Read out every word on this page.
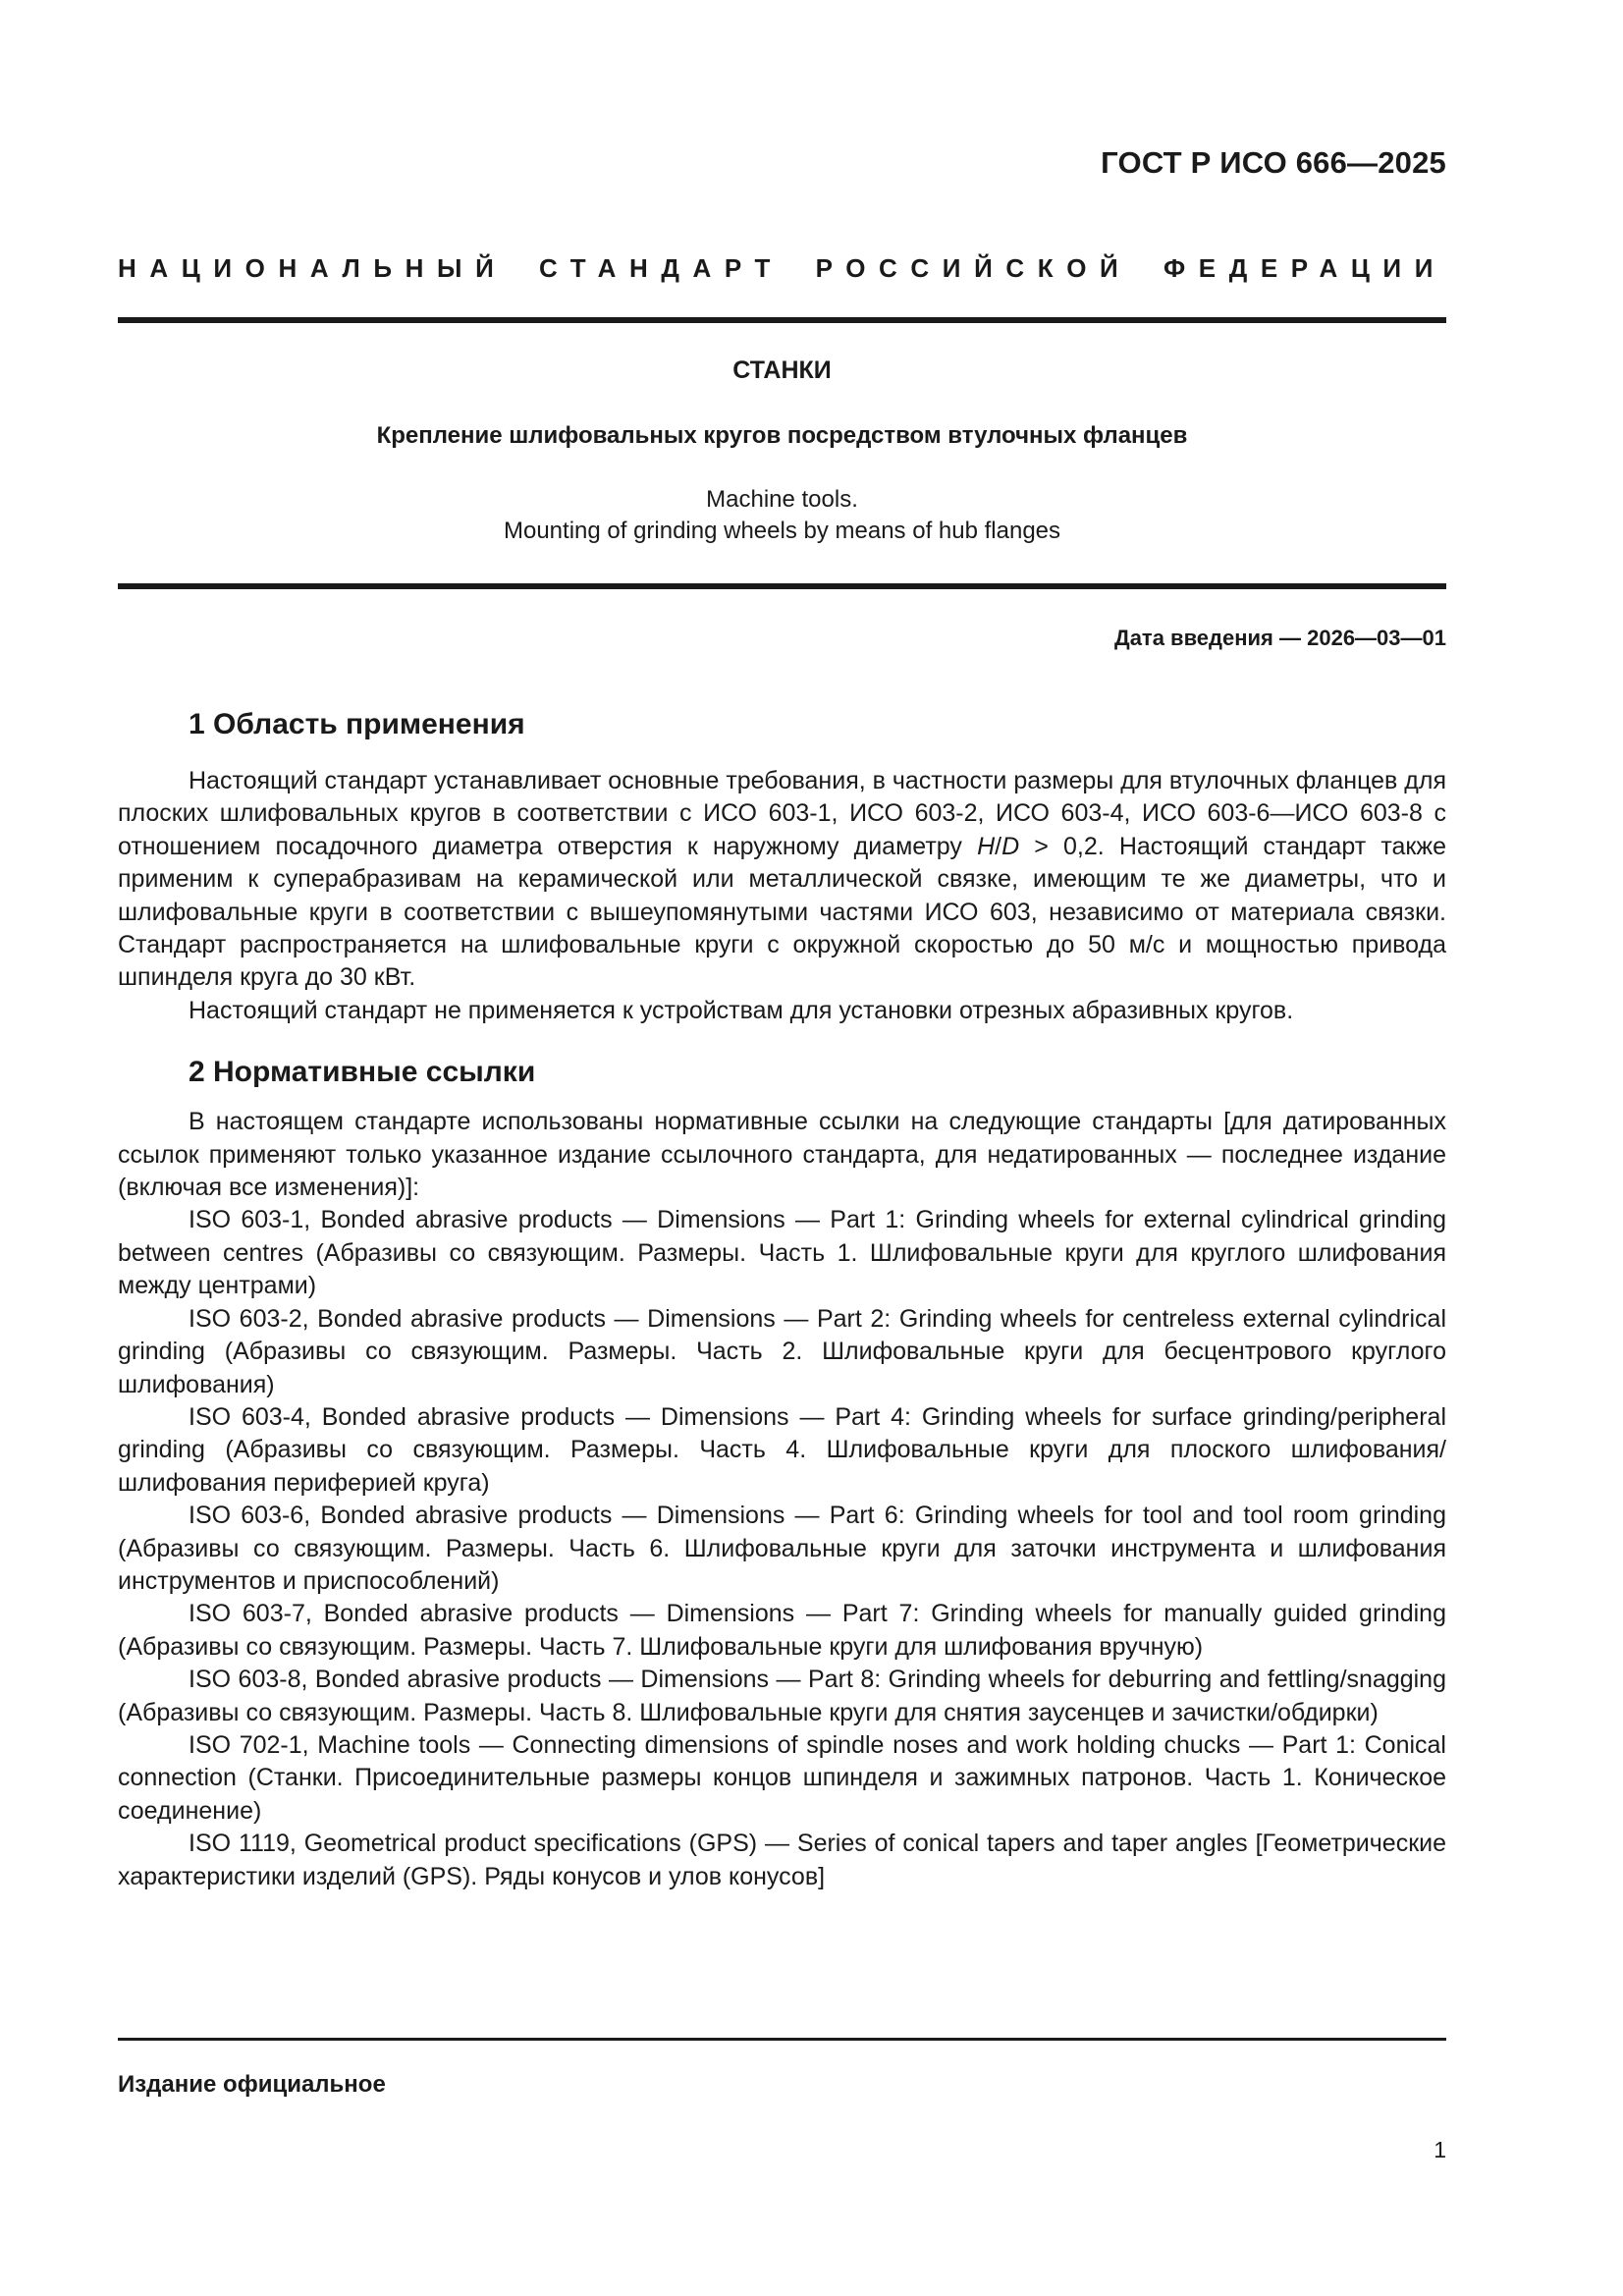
ГОСТ Р ИСО 666—2025
НАЦИОНАЛЬНЫЙ СТАНДАРТ РОССИЙСКОЙ ФЕДЕРАЦИИ
СТАНКИ
Крепление шлифовальных кругов посредством втулочных фланцев
Machine tools.
Mounting of grinding wheels by means of hub flanges
Дата введения — 2026—03—01
1 Область применения

Настоящий стандарт устанавливает основные требования, в частности размеры для втулочных фланцев для плоских шлифовальных кругов в соответствии с ИСО 603-1, ИСО 603-2, ИСО 603-4, ИСО 603-6—ИСО 603-8 с отношением посадочного диаметра отверстия к наружному диаметру H/D > 0,2. Настоящий стандарт также применим к суперабразивам на керамической или металлической связке, имеющим те же диаметры, что и шлифовальные круги в соответствии с вышеупомянутыми частями ИСО 603, независимо от материала связки. Стандарт распространяется на шлифовальные круги с окружной скоростью до 50 м/с и мощностью привода шпинделя круга до 30 кВт.

Настоящий стандарт не применяется к устройствам для установки отрезных абразивных кругов.

2 Нормативные ссылки

В настоящем стандарте использованы нормативные ссылки на следующие стандарты [для датированных ссылок применяют только указанное издание ссылочного стандарта, для недатированных — последнее издание (включая все изменения)]:

ISO 603-1, Bonded abrasive products — Dimensions — Part 1: Grinding wheels for external cylindrical grinding between centres (Абразивы со связующим. Размеры. Часть 1. Шлифовальные круги для круглого шлифования между центрами)

ISO 603-2, Bonded abrasive products — Dimensions — Part 2: Grinding wheels for centreless external cylindrical grinding (Абразивы со связующим. Размеры. Часть 2. Шлифовальные круги для бесцентрового круглого шлифования)

ISO 603-4, Bonded abrasive products — Dimensions — Part 4: Grinding wheels for surface grinding/peripheral grinding (Абразивы со связующим. Размеры. Часть 4. Шлифовальные круги для плоского шлифования/шлифования периферией круга)

ISO 603-6, Bonded abrasive products — Dimensions — Part 6: Grinding wheels for tool and tool room grinding (Абразивы со связующим. Размеры. Часть 6. Шлифовальные круги для заточки инструмента и шлифования инструментов и приспособлений)

ISO 603-7, Bonded abrasive products — Dimensions — Part 7: Grinding wheels for manually guided grinding (Абразивы со связующим. Размеры. Часть 7. Шлифовальные круги для шлифования вручную)

ISO 603-8, Bonded abrasive products — Dimensions — Part 8: Grinding wheels for deburring and fettling/snagging (Абразивы со связующим. Размеры. Часть 8. Шлифовальные круги для снятия заусенцев и зачистки/обдирки)

ISO 702-1, Machine tools — Connecting dimensions of spindle noses and work holding chucks — Part 1: Conical connection (Станки. Присоединительные размеры концов шпинделя и зажимных патронов. Часть 1. Коническое соединение)

ISO 1119, Geometrical product specifications (GPS) — Series of conical tapers and taper angles [Геометрические характеристики изделий (GPS). Ряды конусов и улов конусов]

Издание официальное
1
